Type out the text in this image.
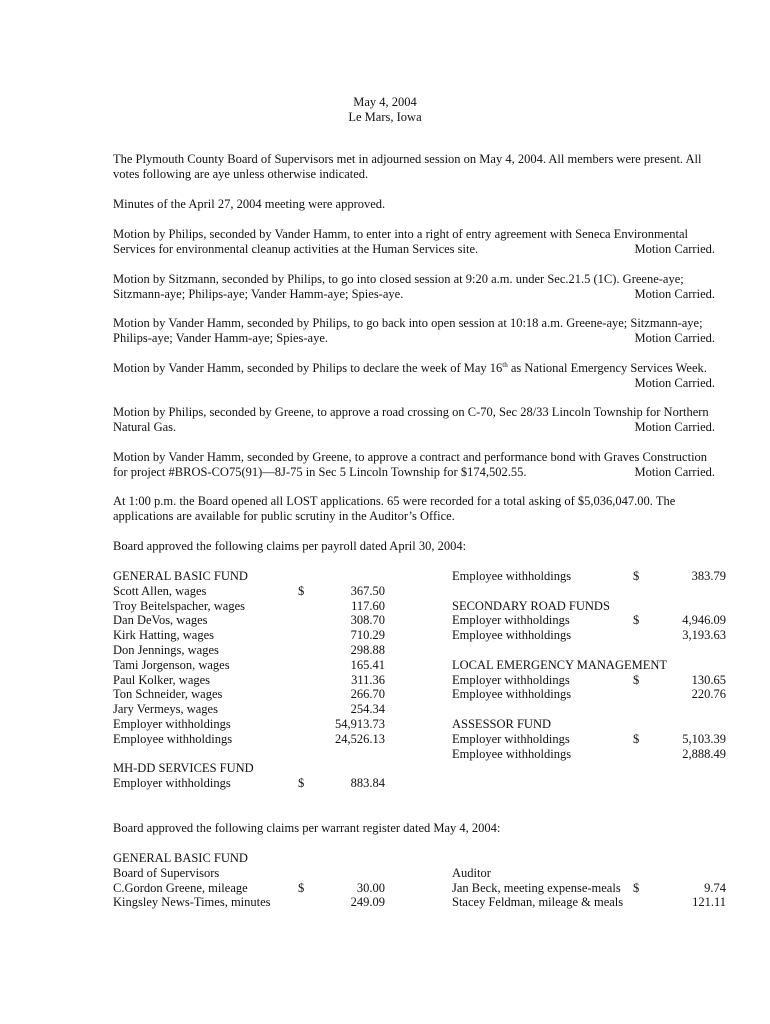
May 4, 2004
Le Mars, Iowa

The Plymouth County Board of Supervisors met in adjourned session on May 4, 2004. All members were present. All votes following are aye unless otherwise indicated.

Minutes of the April 27, 2004 meeting were approved.

Motion by Philips, seconded by Vander Hamm, to enter into a right of entry agreement with Seneca Environmental
Services for environmental cleanup activities at the Human Services site.	Motion Carried.
Motion by Sitzmann, seconded by Philips, to go into closed session at 9:20 a.m. under Sec.21.5 (1C). Greene-aye;
Sitzmann-aye; Philips-aye; Vander Hamm-aye; Spies-aye.	Motion Carried.
Motion by Vander Hamm, seconded by Philips, to go back into open session at 10:18 a.m. Greene-aye; Sitzmann-aye;
Philips-aye; Vander Hamm-aye; Spies-aye.	Motion Carried.
Motion by Vander Hamm, seconded by Philips to declare the week of May 16th as National Emergency Services Week.
Motion Carried.
Motion by Philips, seconded by Greene, to approve a road crossing on C-70, Sec 28/33 Lincoln Township for Northern
Natural Gas.	Motion Carried.
Motion by Vander Hamm, seconded by Greene, to approve a contract and performance bond with Graves Construction
for project #BROS-CO75(91)—8J-75 in Sec 5 Lincoln Township for $174,502.55.	Motion Carried.

At 1:00 p.m. the Board opened all LOST applications. 65 were recorded for a total asking of $5,036,047.00. The applications are available for public scrutiny in the Auditor’s Office.

Board approved the following claims per payroll dated April 30, 2004:

GENERAL BASIC FUND
Scott Allen, wages	$	367.50
Troy Beitelspacher, wages	117.60
Dan DeVos, wages	308.70
Kirk Hatting, wages	710.29
Don Jennings, wages	298.88
Tami Jorgenson, wages	165.41
Paul Kolker, wages	311.36
Ton Schneider, wages	266.70
Jary Vermeys, wages	254.34
Employer withholdings	54,913.73
Employee withholdings	24,526.13
MH-DD SERVICES FUND
Employer withholdings	$	883.84
Employee withholdings	$	383.79
SECONDARY ROAD FUNDS
Employer withholdings	$	4,946.09
Employee withholdings	3,193.63
LOCAL EMERGENCY MANAGEMENT
Employer withholdings	$	130.65
Employee withholdings	220.76
ASSESSOR FUND
Employer withholdings	$	5,103.39
Employee withholdings	2,888.49

Board approved the following claims per warrant register dated May 4, 2004:

GENERAL BASIC FUND
Board of Supervisors
C.Gordon Greene, mileage	$	30.00
Kingsley News-Times, minutes	249.09
Auditor
Jan Beck, meeting expense-meals $	9.74
Stacey Feldman, mileage & meals	121.11
